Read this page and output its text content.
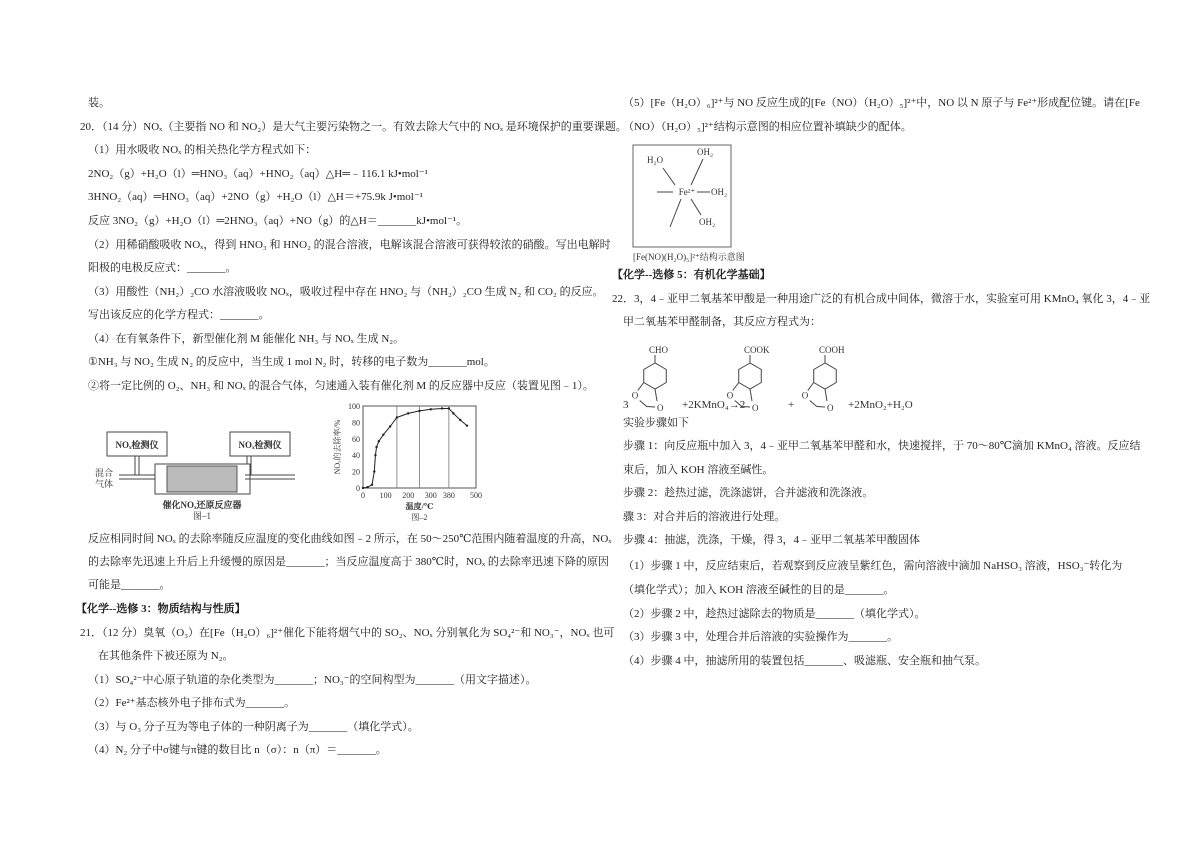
装。
20．（14 分）NOₓ（主要指 NO 和 NO₂）是大气主要污染物之一。有效去除大气中的 NOₓ 是环境保护的重要课题。
（1）用水吸收 NOₓ 的相关热化学方程式如下：
2NO₂（g）+H₂O（l）═HNO₃（aq）+HNO₂（aq）△H═﹣116.1 kJ•mol⁻¹
3HNO₂（aq）═HNO₃（aq）+2NO（g）+H₂O（l）△H＝+75.9k J•mol⁻¹
反应 3NO₂（g）+H₂O（l）═2HNO₃（aq）+NO（g）的△H＝_______kJ•mol⁻¹。
（2）用稀硝酸吸收 NOₓ，得到 HNO₃ 和 HNO₂ 的混合溶液，电解该混合溶液可获得较浓的硝酸。写出电解时
阳极的电极反应式：_______。
（3）用酸性（NH₂）₂CO 水溶液吸收 NOₓ，吸收过程中存在 HNO₂ 与（NH₂）₂CO 生成 N₂ 和 CO₂ 的反应。
写出该反应的化学方程式：_______。
（4）在有氧条件下，新型催化剂 M 能催化 NH₃ 与 NOₓ 生成 N₂。
①NH₃ 与 NO₂ 生成 N₂ 的反应中，当生成 1 mol N₂ 时，转移的电子数为_______mol。
②将一定比例的 O₂、NH₃ 和 NOₓ 的混合气体，匀速通入装有催化剂 M 的反应器中反应（装置见图﹣1）。
反应相同时间 NOₓ 的去除率随反应温度的变化曲线如图﹣2 所示，在 50～250℃范围内随着温度的升高，NOₓ
的去除率先迅速上升后上升缓慢的原因是_______；当反应温度高于 380℃时，NOₓ 的去除率迅速下降的原因
可能是_______。
【化学--选修 3：物质结构与性质】
21．（12 分）臭氧（O₃）在[Fe（H₂O）₆]²⁺催化下能将烟气中的 SO₂、NOₓ 分别氧化为 SO₄²⁻和 NO₃⁻，NOₓ 也可
在其他条件下被还原为 N₂。
（1）SO₄²⁻中心原子轨道的杂化类型为_______；NO₃⁻的空间构型为_______（用文字描述）。
（2）Fe²⁺基态核外电子排布式为_______。
（3）与 O₃ 分子互为等电子体的一种阴离子为_______（填化学式）。
（4）N₂ 分子中σ键与π键的数目比 n（σ）：n（π）＝_______。
NOₓ检测仪	NOₓ检测仪
混合
气体
催化NOₓ还原反应器
图–1
0 100 200 300 380 500
0
20
40
60
80
100
温度/℃
图–2
NOₓ的去除率/%
（5）[Fe（H₂O）₆]²⁺与 NO 反应生成的[Fe（NO）（H₂O）₅]²⁺中，NO 以 N 原子与 Fe²⁺形成配位键。请在[Fe
（NO）（H₂O）₅]²⁺结构示意图的相应位置补填缺少的配体。
【化学--选修 5：有机化学基础】
22．3，4﹣亚甲二氧基苯甲酸是一种用途广泛的有机合成中间体，微溶于水，实验室可用 KMnO₄ 氧化 3，4﹣亚
甲二氧基苯甲醛制备，其反应方程式为：
实验步骤如下
步骤 1：向反应瓶中加入 3，4﹣亚甲二氧基苯甲醛和水，快速搅拌，于 70～80℃滴加 KMnO₄ 溶液。反应结
束后，加入 KOH 溶液至碱性。
步骤 2：趁热过滤，洗涤滤饼，合并滤液和洗涤液。
骤 3：对合并后的溶液进行处理。
步骤 4：抽滤，洗涤，干燥，得 3，4﹣亚甲二氧基苯甲酸固体
（1）步骤 1 中，反应结束后，若观察到反应液呈紫红色，需向溶液中滴加 NaHSO₃ 溶液，HSO₃⁻转化为
（填化学式）；加入 KOH 溶液至碱性的目的是_______。
（2）步骤 2 中，趁热过滤除去的物质是_______（填化学式）。
（3）步骤 3 中，处理合并后溶液的实验操作为_______。
（4）步骤 4 中，抽滤所用的装置包括_______、吸滤瓶、安全瓶和抽气泵。
H₂O
OH₂
Fe²⁺ OH₂
OH₂
[Fe(NO)(H₂O)₅]²⁺结构示意图
3	+2KMnO₄→2	+	+2MnO₂+H₂O
CHO
O
O
COOK
O
O
COOH
O
O
